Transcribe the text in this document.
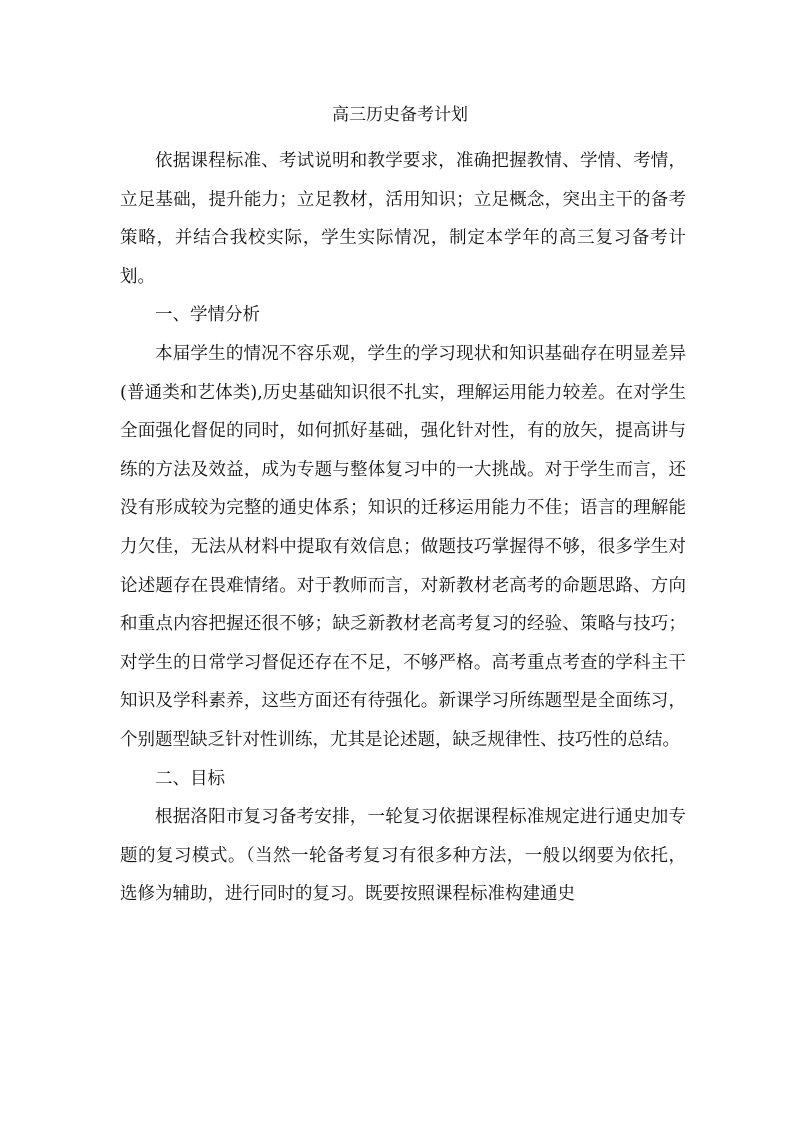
高三历史备考计划

依据课程标准、考试说明和教学要求，准确把握教情、学情、考情，立足基础，提升能力；立足教材，活用知识；立足概念，突出主干的备考策略，并结合我校实际，学生实际情况，制定本学年的高三复习备考计划。

一、学情分析

本届学生的情况不容乐观，学生的学习现状和知识基础存在明显差异(普通类和艺体类),历史基础知识很不扎实，理解运用能力较差。在对学生全面强化督促的同时，如何抓好基础，强化针对性，有的放矢，提高讲与练的方法及效益，成为专题与整体复习中的一大挑战。对于学生而言，还没有形成较为完整的通史体系；知识的迁移运用能力不佳；语言的理解能力欠佳，无法从材料中提取有效信息；做题技巧掌握得不够，很多学生对论述题存在畏难情绪。对于教师而言，对新教材老高考的命题思路、方向和重点内容把握还很不够；缺乏新教材老高考复习的经验、策略与技巧；对学生的日常学习督促还存在不足，不够严格。高考重点考查的学科主干知识及学科素养，这些方面还有待强化。新课学习所练题型是全面练习，个别题型缺乏针对性训练，尤其是论述题，缺乏规律性、技巧性的总结。

二、目标

根据洛阳市复习备考安排，一轮复习依据课程标准规定进行通史加专题的复习模式。（当然一轮备考复习有很多种方法，一般以纲要为依托，选修为辅助，进行同时的复习。既要按照课程标准构建通史
